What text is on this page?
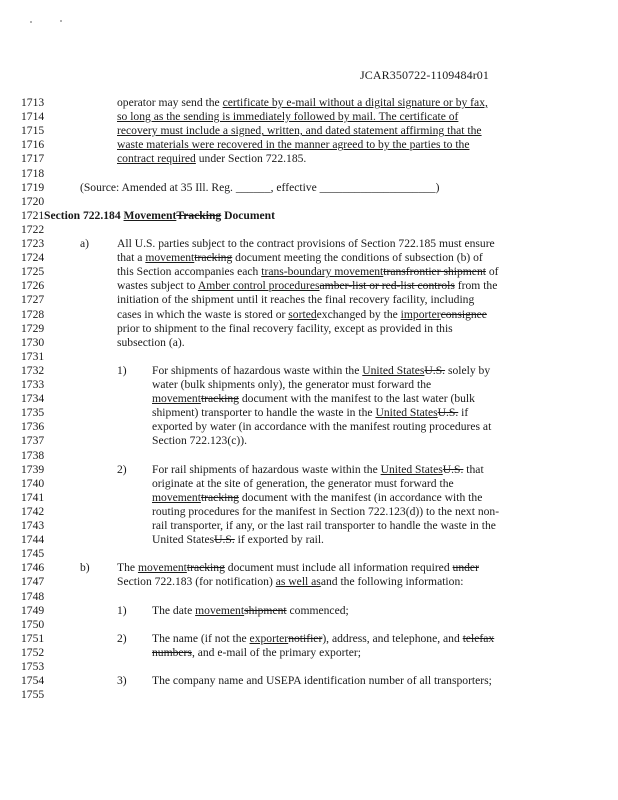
JCAR350722-1109484r01
1713	operator may send the certificate by e-mail without a digital signature or by fax,
1714	so long as the sending is immediately followed by mail. The certificate of
1715	recovery must include a signed, written, and dated statement affirming that the
1716	waste materials were recovered in the manner agreed to by the parties to the
1717	contract required under Section 722.185.
1718
1719	(Source: Amended at 35 Ill. Reg. ______, effective ____________________)
1720
1721 Section 722.184 MovementTracking Document
1722
1723	a) All U.S. parties subject to the contract provisions of Section 722.185 must ensure
1724	that a movementtracking document meeting the conditions of subsection (b) of
1725	this Section accompanies each trans-boundary movementtransfrontier shipment of
1726	wastes subject to Amber control proceduresamber-list or red-list controls from the
1727	initiation of the shipment until it reaches the final recovery facility, including
1728	cases in which the waste is stored or sortedexchanged by the importerconsignee
1729	prior to shipment to the final recovery facility, except as provided in this
1730	subsection (a).
1731
1732	1) For shipments of hazardous waste within the United StatesU.S. solely by
1733	water (bulk shipments only), the generator must forward the
1734	movementtracking document with the manifest to the last water (bulk
1735	shipment) transporter to handle the waste in the United StatesU.S. if
1736	exported by water (in accordance with the manifest routing procedures at
1737	Section 722.123(c)).
1738
1739	2) For rail shipments of hazardous waste within the United StatesU.S. that
1740	originate at the site of generation, the generator must forward the
1741	movementtracking document with the manifest (in accordance with the
1742	routing procedures for the manifest in Section 722.123(d)) to the next non-
1743	rail transporter, if any, or the last rail transporter to handle the waste in the
1744	United StatesU.S. if exported by rail.
1745
1746	b) The movementtracking document must include all information required under
1747	Section 722.183 (for notification) as well asand the following information:
1748
1749	1) The date movementshipment commenced;
1750
1751	2) The name (if not the exporternotifier), address, and telephone, and telefax
1752	numbers, and e-mail of the primary exporter;
1753
1754	3) The company name and USEPA identification number of all transporters;
1755
